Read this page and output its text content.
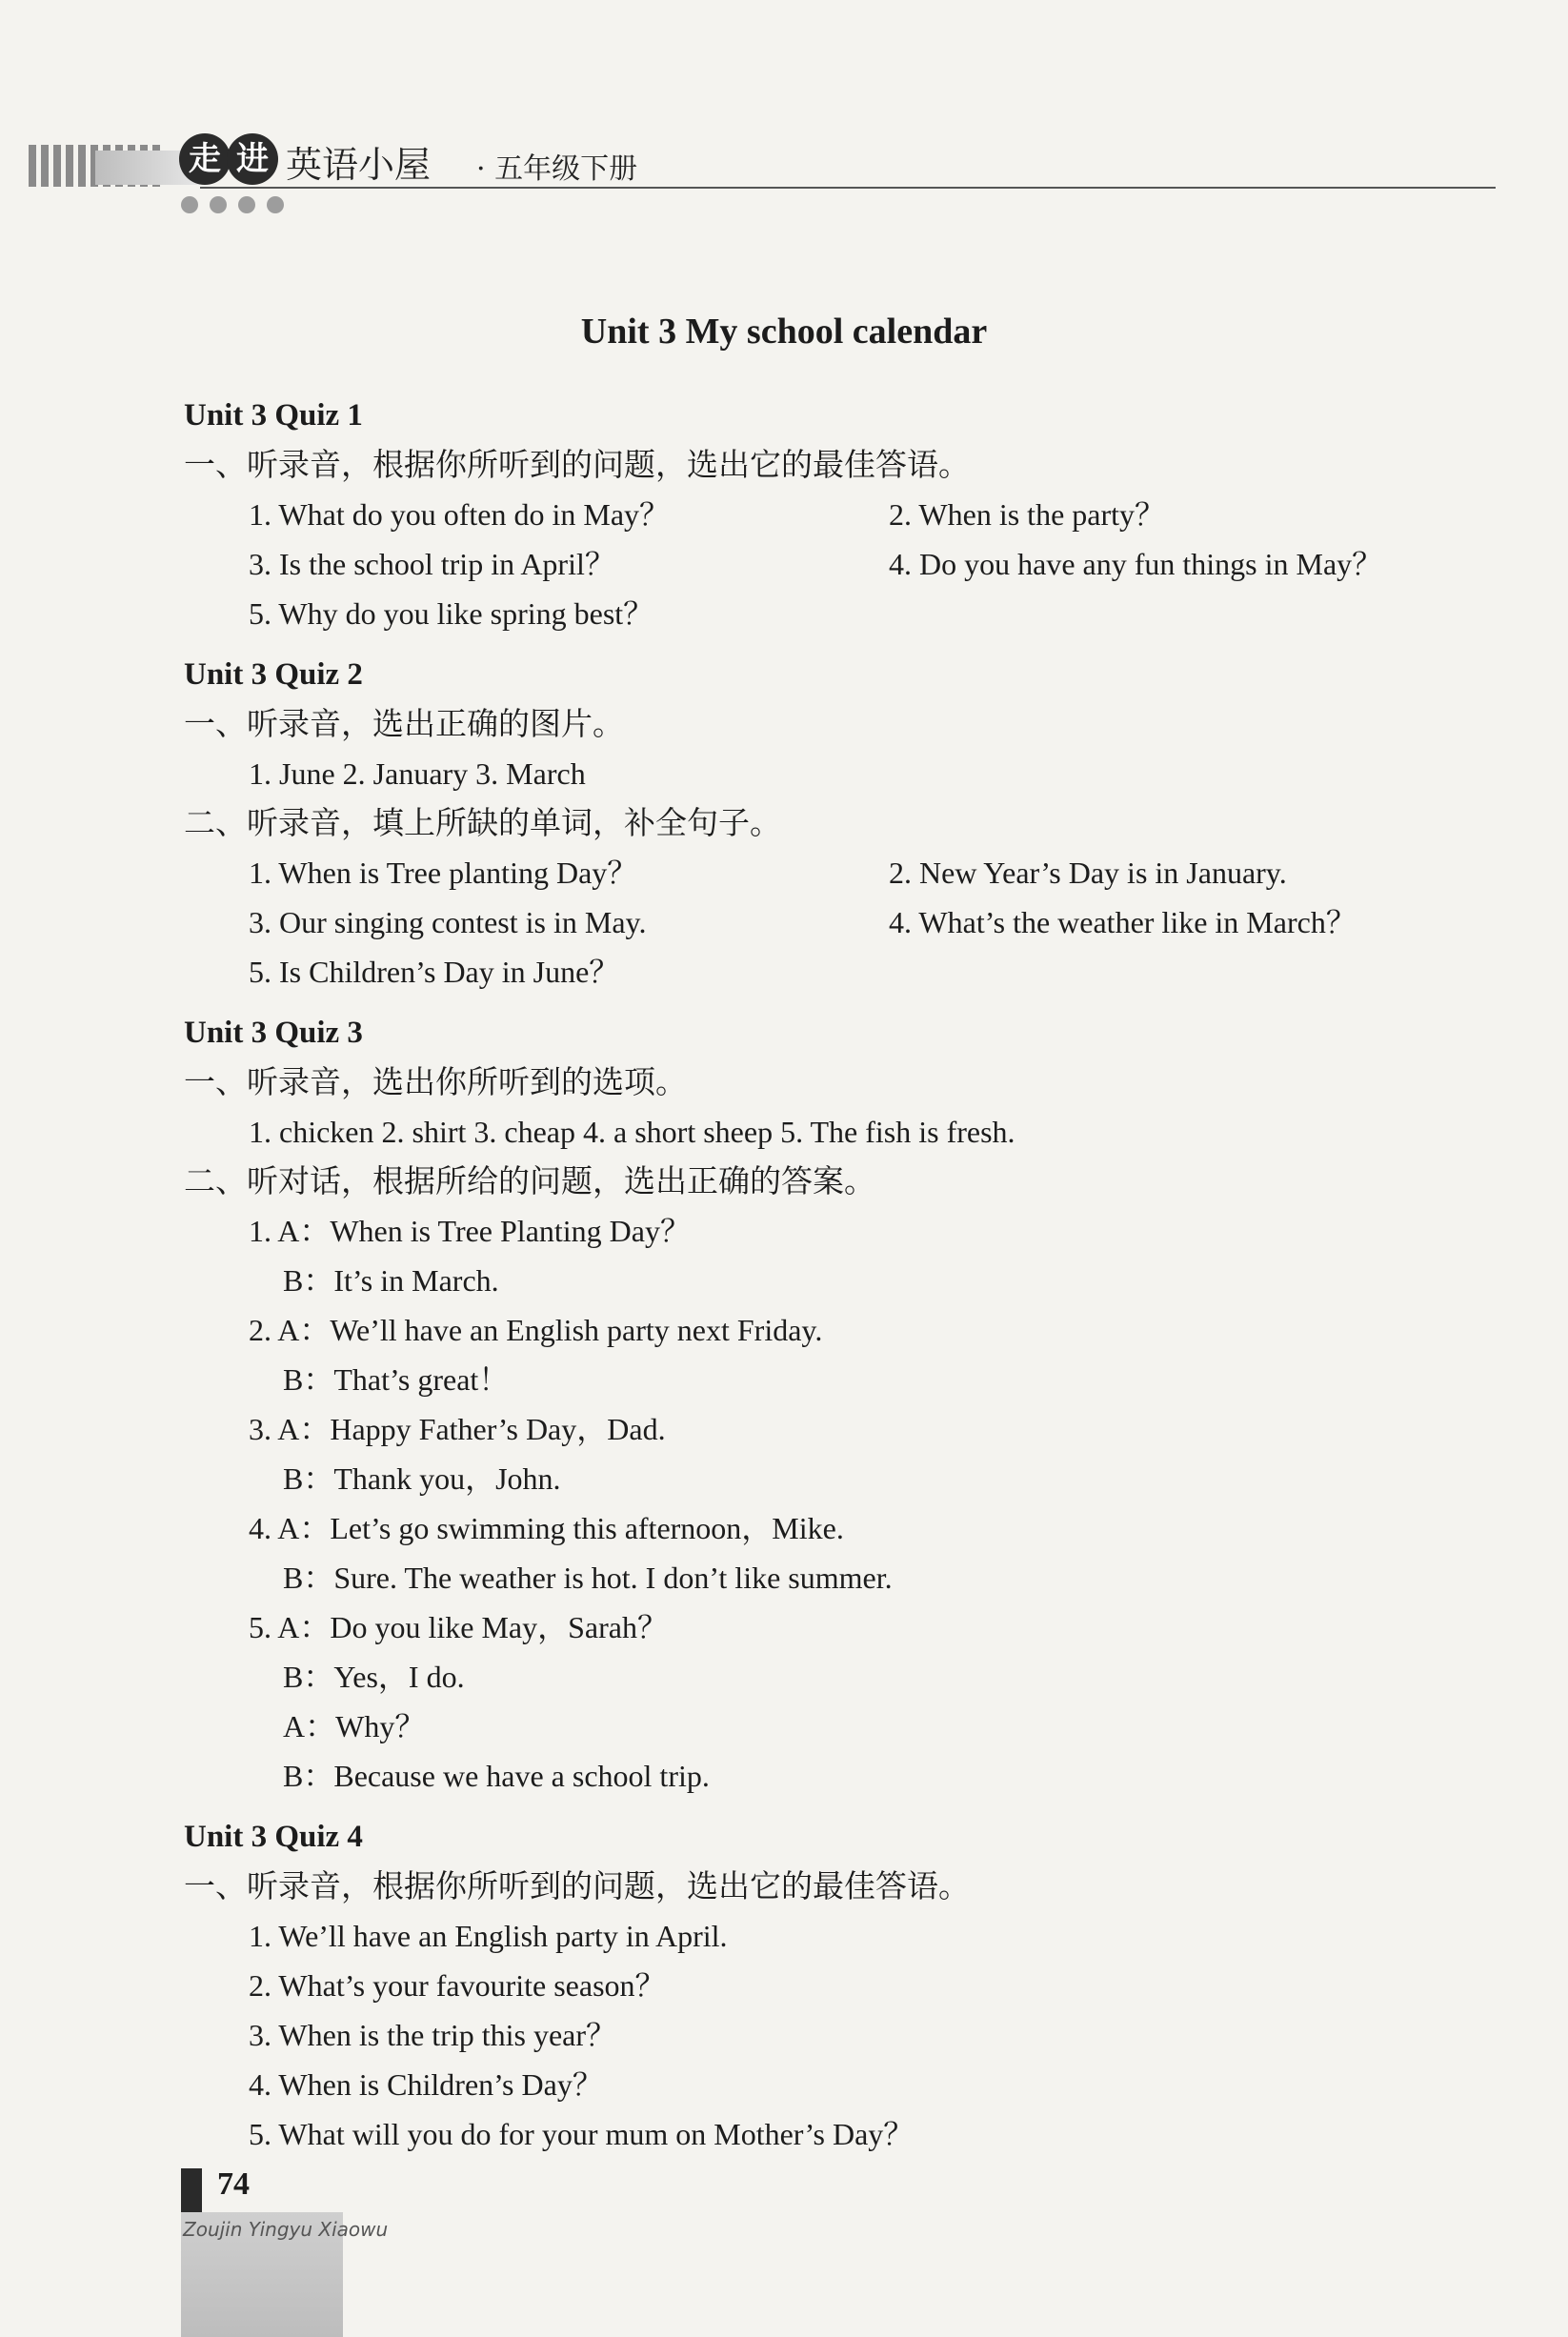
走 进 英语小屋 · 五年级下册
Unit 3 My school calendar
Unit 3 Quiz 1
一、听录音，根据你所听到的问题，选出它的最佳答语。
1. What do you often do in May？	2. When is the party？
3. Is the school trip in April？	4. Do you have any fun things in May？
5. Why do you like spring best？
Unit 3 Quiz 2
一、听录音，选出正确的图片。
1. June 2. January 3. March
二、听录音，填上所缺的单词，补全句子。
1. When is Tree planting Day？	2. New Year’s Day is in January.
3. Our singing contest is in May.	4. What’s the weather like in March？
5. Is Children’s Day in June？
Unit 3 Quiz 3
一、听录音，选出你所听到的选项。
1. chicken 2. shirt 3. cheap 4. a short sheep 5. The fish is fresh.
二、听对话，根据所给的问题，选出正确的答案。
1. A：When is Tree Planting Day？
B：It’s in March.
2. A：We’ll have an English party next Friday.
B：That’s great！
3. A：Happy Father’s Day，Dad.
B：Thank you，John.
4. A：Let’s go swimming this afternoon，Mike.
B：Sure. The weather is hot. I don’t like summer.
5. A：Do you like May，Sarah？
B：Yes，I do.
A：Why？
B：Because we have a school trip.
Unit 3 Quiz 4
一、听录音，根据你所听到的问题，选出它的最佳答语。
1. We’ll have an English party in April.
2. What’s your favourite season？
3. When is the trip this year？
4. When is Children’s Day？
5. What will you do for your mum on Mother’s Day？
74
Zoujin Yingyu Xiaowu
